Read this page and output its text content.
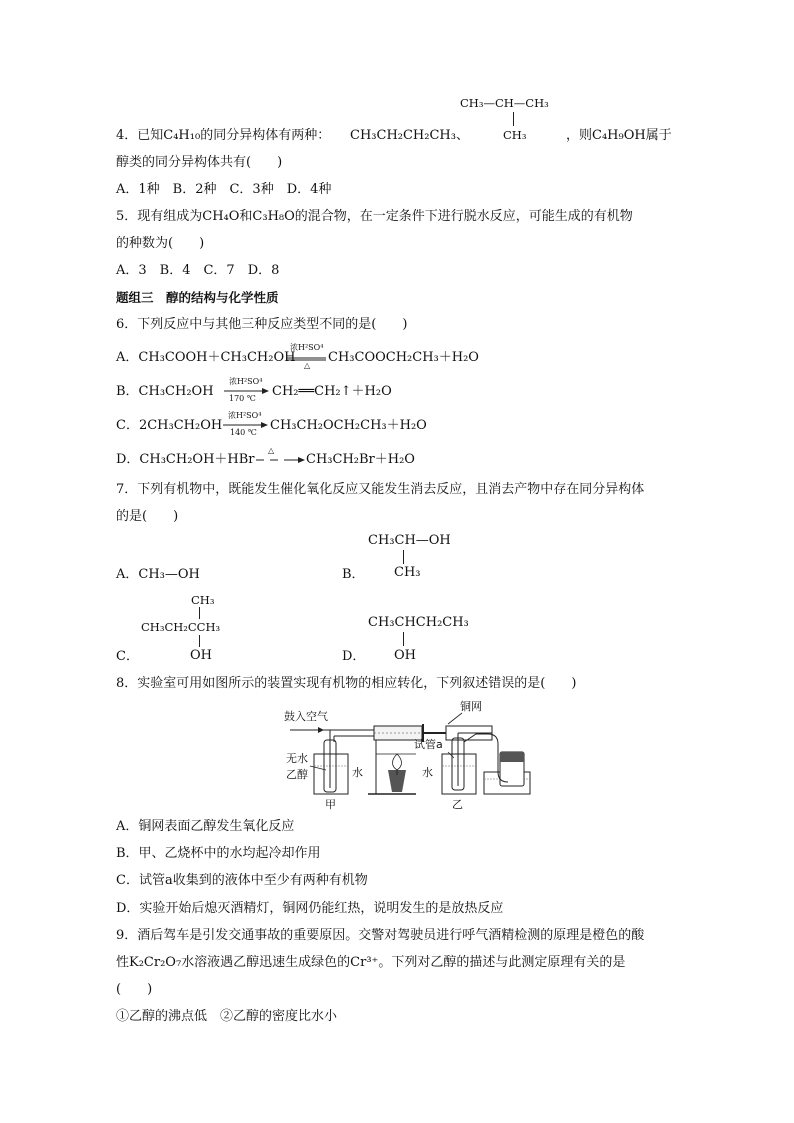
CH₃—CH—CH₃
CH₃
4．已知C₄H₁₀的同分异构体有两种： CH₃CH₂CH₂CH₃、	，则C₄H₉OH属于
醇类的同分异构体共有(　　)
A．1种　B．2种　C．3种　D．4种
5．现有组成为CH₄O和C₃H₈O的混合物，在一定条件下进行脱水反应，可能生成的有机物
的种数为(　　)
A．3　B．4　C．7　D．8
题组三　醇的结构与化学性质
6．下列反应中与其他三种反应类型不同的是(　　)
A．CH₃COOH＋CH₃CH₂OH
浓H²SO⁴
△
CH₃COOCH₂CH₃＋H₂O
B．CH₃CH₂OH
浓H²SO⁴
170 ℃ CH₂══CH₂↑＋H₂O
C．2CH₃CH₂OH
浓H²SO⁴
140 ℃ CH₃CH₂OCH₂CH₃＋H₂O
D．CH₃CH₂OH＋HBr
△
CH₃CH₂Br＋H₂O
7．下列有机物中，既能发生催化氧化反应又能发生消去反应，且消去产物中存在同分异构体
的是(　　)
A．CH₃—OH	B．
CH₃CH—OH
CH₃
CH₃
CH₃CH₂CCH₃
C．	OH
CH₃CHCH₂CH₃
D． OH
8．实验室可用如图所示的装置实现有机物的相应转化，下列叙述错误的是(　　)
鼓入空气
铜网
无水
乙醇	水
甲
试管a
水
乙
A．铜网表面乙醇发生氧化反应
B．甲、乙烧杯中的水均起冷却作用
C．试管a收集到的液体中至少有两种有机物
D．实验开始后熄灭酒精灯，铜网仍能红热，说明发生的是放热反应
9．酒后驾车是引发交通事故的重要原因。交警对驾驶员进行呼气酒精检测的原理是橙色的酸
性K₂Cr₂O₇水溶液遇乙醇迅速生成绿色的Cr³⁺。下列对乙醇的描述与此测定原理有关的是
(　　)
①乙醇的沸点低　②乙醇的密度比水小
